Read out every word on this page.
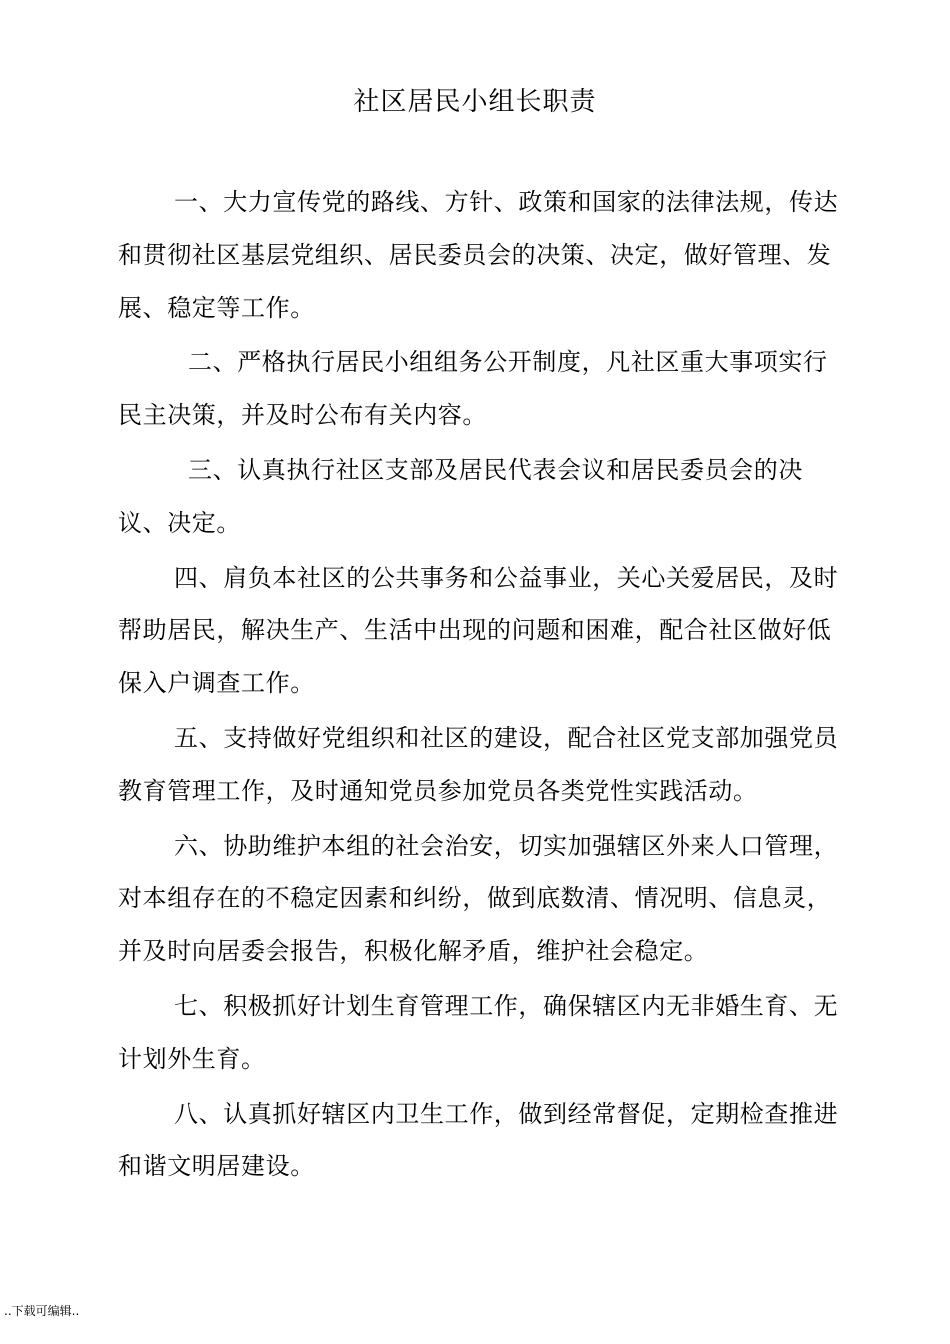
社区居民小组长职责

一、大力宣传党的路线、方针、政策和国家的法律法规，传达和贯彻社区基层党组织、居民委员会的决策、决定，做好管理、发展、稳定等工作。

二、严格执行居民小组组务公开制度，凡社区重大事项实行民主决策，并及时公布有关内容。

三、认真执行社区支部及居民代表会议和居民委员会的决议、决定。

四、肩负本社区的公共事务和公益事业，关心关爱居民，及时帮助居民，解决生产、生活中出现的问题和困难，配合社区做好低保入户调查工作。

五、支持做好党组织和社区的建设，配合社区党支部加强党员教育管理工作，及时通知党员参加党员各类党性实践活动。

六、协助维护本组的社会治安，切实加强辖区外来人口管理，对本组存在的不稳定因素和纠纷，做到底数清、情况明、信息灵，并及时向居委会报告，积极化解矛盾，维护社会稳定。

七、积极抓好计划生育管理工作，确保辖区内无非婚生育、无计划外生育。

八、认真抓好辖区内卫生工作，做到经常督促，定期检查推进和谐文明居建设。

..下载可编辑..
